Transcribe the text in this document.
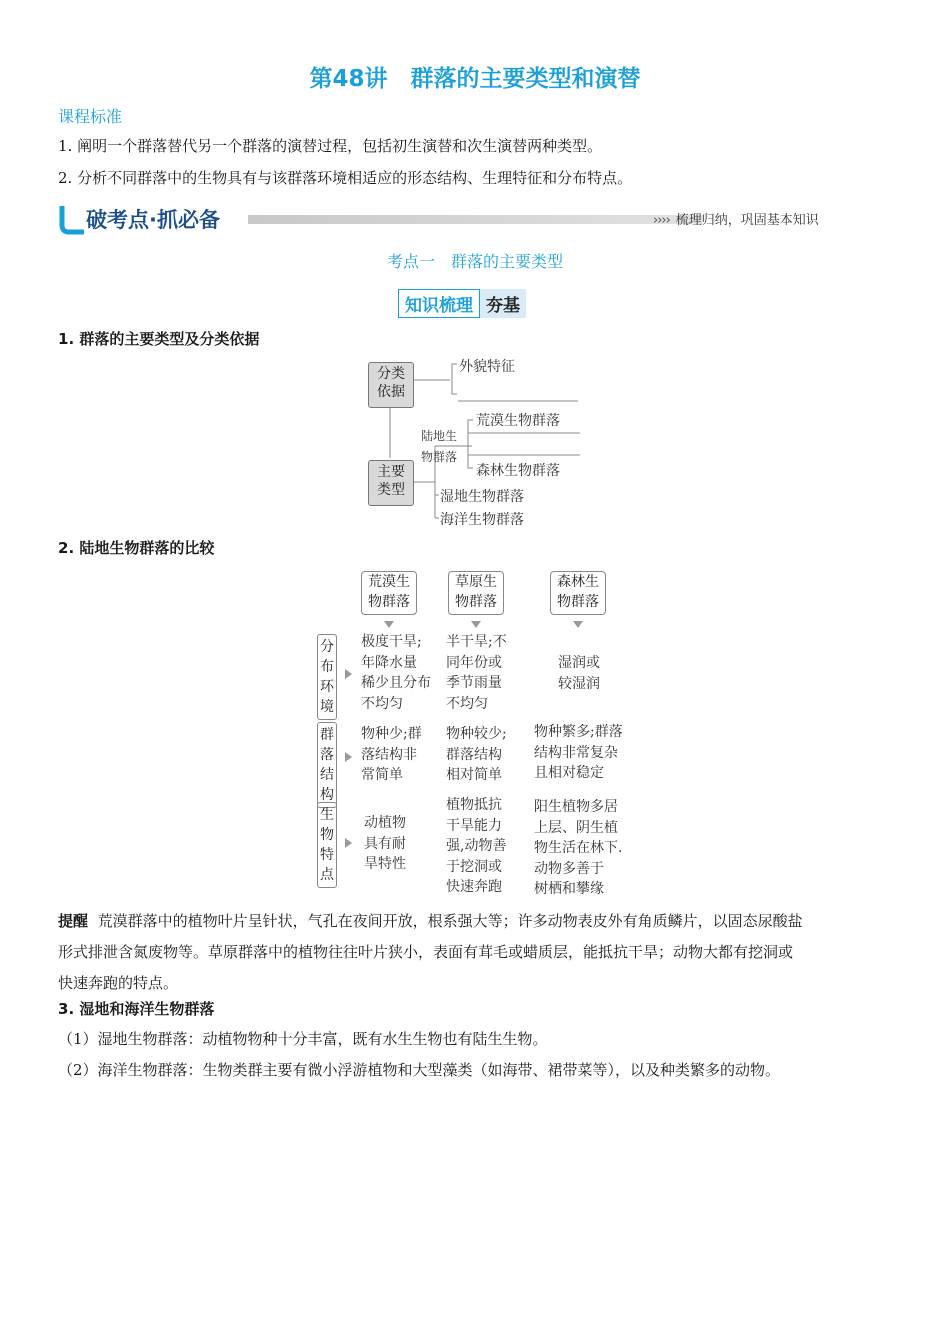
第48讲　群落的主要类型和演替
课程标准
1. 阐明一个群落替代另一个群落的演替过程，包括初生演替和次生演替两种类型。
2. 分析不同群落中的生物具有与该群落环境相适应的形态结构、生理特征和分布特点。
破考点·抓必备	›››› 梳理归纳，巩固基本知识
考点一　群落的主要类型
知识梳理 夯基
1. 群落的主要类型及分类依据
分类
依据
主要
类型
外貌特征
陆地生
物群落
荒漠生物群落
森林生物群落
湿地生物群落
海洋生物群落
2. 陆地生物群落的比较
荒漠生
物群落
草原生
物群落
森林生
物群落
分
布
环
境
极度干旱;
年降水量
稀少且分布
不均匀
半干旱;不
同年份或
季节雨量
不均匀
湿润或
较湿润
群
落
结
构
物种少;群
落结构非
常简单
物种较少;
群落结构
相对简单
物种繁多;群落
结构非常复杂
且相对稳定
生
物
特
点
动植物
具有耐
旱特性
植物抵抗
干旱能力
强,动物善
于挖洞或
快速奔跑
阳生植物多居
上层、阴生植
物生活在林下.
动物多善于
树栖和攀缘
提醒 荒漠群落中的植物叶片呈针状，气孔在夜间开放，根系强大等；许多动物表皮外有角质鳞片，以固态尿酸盐
形式排泄含氮废物等。草原群落中的植物往往叶片狭小，表面有茸毛或蜡质层，能抵抗干旱；动物大都有挖洞或
快速奔跑的特点。
3. 湿地和海洋生物群落
（1）湿地生物群落：动植物物种十分丰富，既有水生生物也有陆生生物。
（2）海洋生物群落：生物类群主要有微小浮游植物和大型藻类（如海带、裙带菜等），以及种类繁多的动物。
